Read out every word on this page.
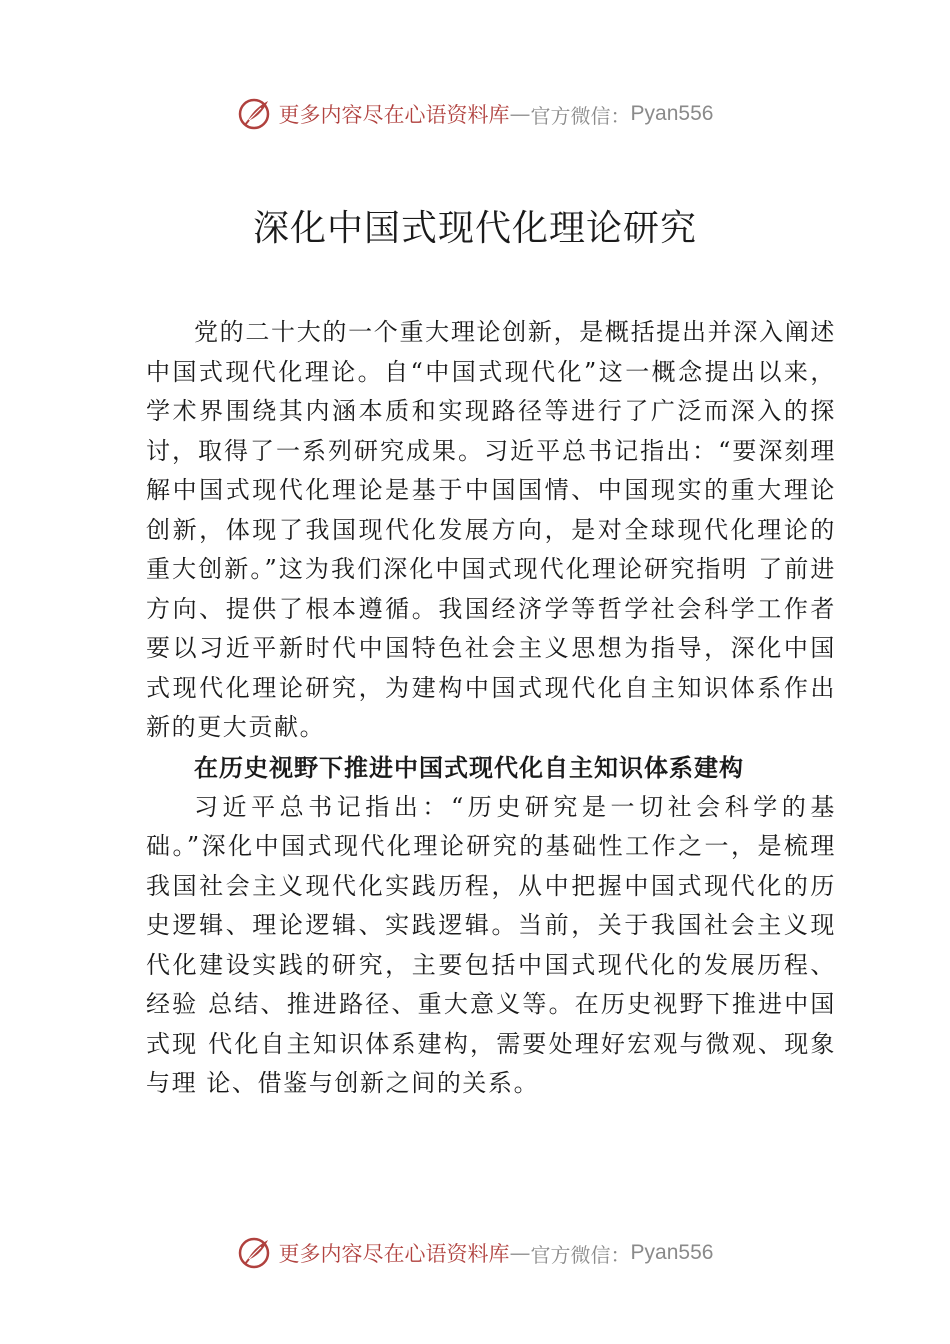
更多内容尽在心语资料库 — 官方微信： Pyan556
深化中国式现代化理论研究

党的二十大的一个重大理论创新，是概括提出并深入阐述中国式现代化理论。自“中国式现代化”这一概念提出以来，学术界围绕其内涵本质和实现路径等进行了广泛而深入的探讨，取得了一系列研究成果。习近平总书记指出：“要深刻理解中国式现代化理论是基于中国国情、中国现实的重大理论创新，体现了我国现代化发展方向，是对全球现代化理论的重大创新。”这为我们深化中国式现代化理论研究指明 了前进方向、提供了根本遵循。我国经济学等哲学社会科学工作者要以习近平新时代中国特色社会主义思想为指导，深化中国式现代化理论研究，为建构中国式现代化自主知识体系作出新的更大贡献。

在历史视野下推进中国式现代化自主知识体系建构

习近平总书记指出：“历史研究是一切社会科学的基础。”深化中国式现代化理论研究的基础性工作之一，是梳理我国社会主义现代化实践历程，从中把握中国式现代化的历史逻辑、理论逻辑、实践逻辑。当前，关于我国社会主义现代化建设实践的研究，主要包括中国式现代化的发展历程、经验 总结、推进路径、重大意义等。在历史视野下推进中国式现 代化自主知识体系建构，需要处理好宏观与微观、现象与理 论、借鉴与创新之间的关系。

更多内容尽在心语资料库 — 官方微信： Pyan556
